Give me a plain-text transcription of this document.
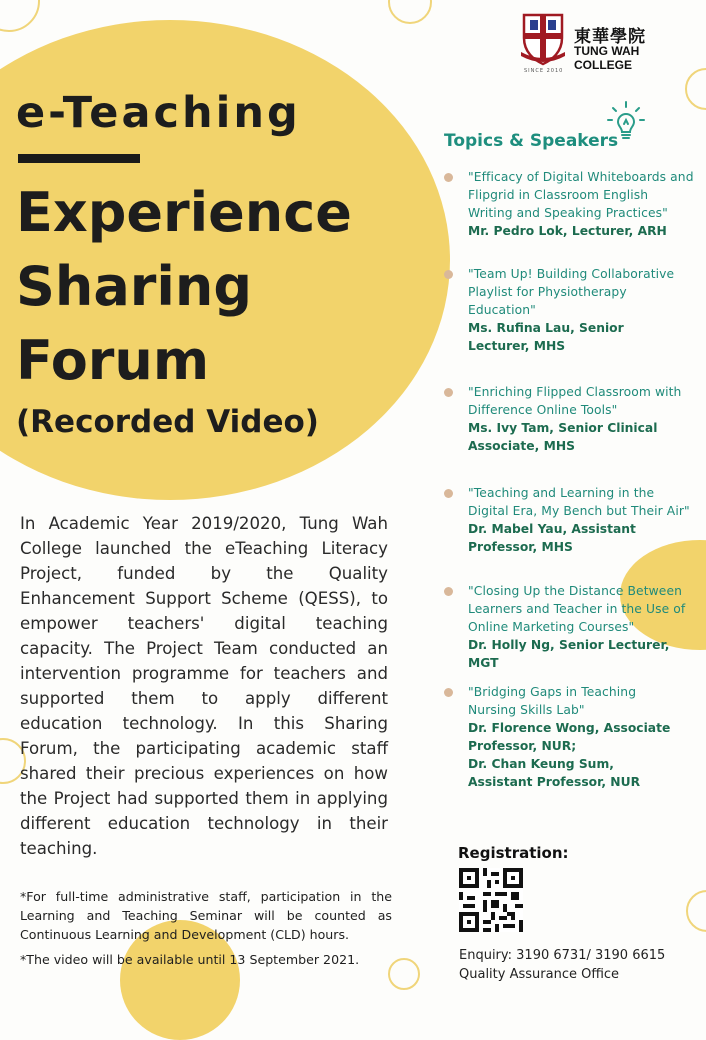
東華學院
TUNG WAH COLLEGE
SINCE 2010
e-Teaching
Experience
Sharing
Forum
(Recorded Video)
In Academic Year 2019/2020, Tung Wah College launched the eTeaching Literacy Project, funded by the Quality Enhancement Support Scheme (QESS), to empower teachers' digital teaching capacity. The Project Team conducted an intervention programme for teachers and supported them to apply different education technology. In this Sharing Forum, the participating academic staff shared their precious experiences on how the Project had supported them in applying different education technology in their teaching.
*For full-time administrative staff, participation in the Learning and Teaching Seminar will be counted as Continuous Learning and Development (CLD) hours.
*The video will be available until 13 September 2021.
Topics & Speakers
"Efficacy of Digital Whiteboards and Flipgrid in Classroom English Writing and Speaking Practices"
Mr. Pedro Lok, Lecturer, ARH
"Team Up! Building Collaborative Playlist for Physiotherapy Education"
Ms. Rufina Lau, Senior Lecturer, MHS
"Enriching Flipped Classroom with Difference Online Tools"
Ms. Ivy Tam, Senior Clinical Associate, MHS
"Teaching and Learning in the Digital Era, My Bench but Their Air"
Dr. Mabel Yau, Assistant Professor, MHS
"Closing Up the Distance Between Learners and Teacher in the Use of Online Marketing Courses"
Dr. Holly Ng, Senior Lecturer, MGT
"Bridging Gaps in Teaching Nursing Skills Lab"
Dr. Florence Wong, Associate Professor, NUR;
Dr. Chan Keung Sum, Assistant Professor, NUR
Registration:
Enquiry: 3190 6731/ 3190 6615
Quality Assurance Office
